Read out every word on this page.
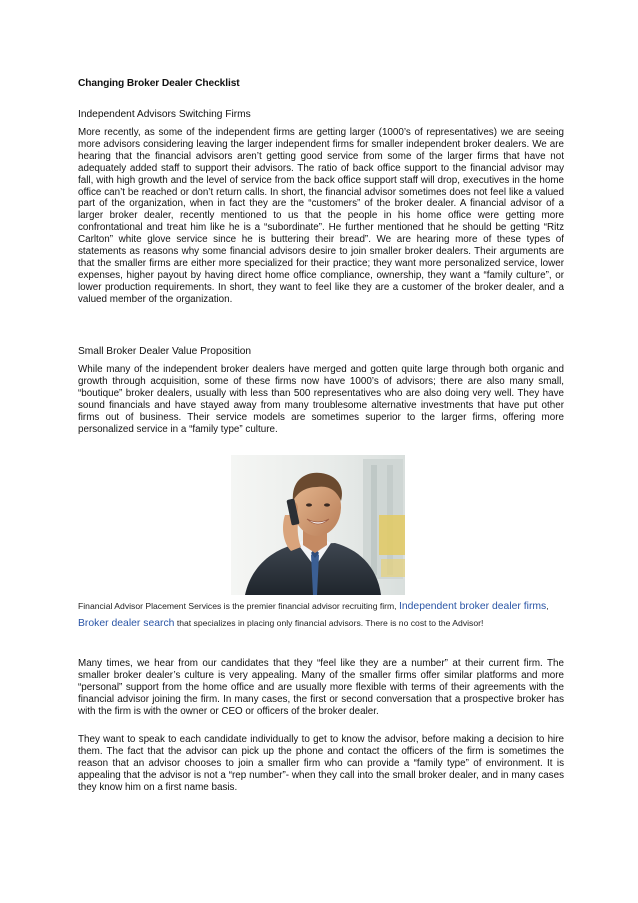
Changing Broker Dealer Checklist
Independent Advisors Switching Firms

More recently, as some of the independent firms are getting larger (1000’s of representatives) we are seeing more advisors considering leaving the larger independent firms for smaller independent broker dealers. We are hearing that the financial advisors aren’t getting good service from some of the larger firms that have not adequately added staff to support their advisors. The ratio of back office support to the financial advisor may fall, with high growth and the level of service from the back office support staff will drop, executives in the home office can’t be reached or don’t return calls. In short, the financial advisor sometimes does not feel like a valued part of the organization, when in fact they are the “customers” of the broker dealer. A financial advisor of a larger broker dealer, recently mentioned to us that the people in his home office were getting more confrontational and treat him like he is a “subordinate”. He further mentioned that he should be getting “Ritz Carlton” white glove service since he is buttering their bread”. We are hearing more of these types of statements as reasons why some financial advisors desire to join smaller broker dealers. Their arguments are that the smaller firms are either more specialized for their practice; they want more personalized service, lower expenses, higher payout by having direct home office compliance, ownership, they want a “family culture”, or lower production requirements. In short, they want to feel like they are a customer of the broker dealer, and a valued member of the organization.

Small Broker Dealer Value Proposition

While many of the independent broker dealers have merged and gotten quite large through both organic and growth through acquisition, some of these firms now have 1000’s of advisors; there are also many small, “boutique” broker dealers, usually with less than 500 representatives who are also doing very well. They have sound financials and have stayed away from many troublesome alternative investments that have put other firms out of business. Their service models are sometimes superior to the larger firms, offering more personalized service in a “family type” culture.

Financial Advisor Placement Services is the premier financial advisor recruiting firm, Independent broker dealer firms, Broker dealer search that specializes in placing only financial advisors. There is no cost to the Advisor!

Many times, we hear from our candidates that they “feel like they are a number” at their current firm. The smaller broker dealer’s culture is very appealing. Many of the smaller firms offer similar platforms and more “personal” support from the home office and are usually more flexible with terms of their agreements with the financial advisor joining the firm. In many cases, the first or second conversation that a prospective broker has with the firm is with the owner or CEO or officers of the broker dealer.

They want to speak to each candidate individually to get to know the advisor, before making a decision to hire them. The fact that the advisor can pick up the phone and contact the officers of the firm is sometimes the reason that an advisor chooses to join a smaller firm who can provide a “family type” of environment. It is appealing that the advisor is not a “rep number”- when they call into the small broker dealer, and in many cases they know him on a first name basis.
